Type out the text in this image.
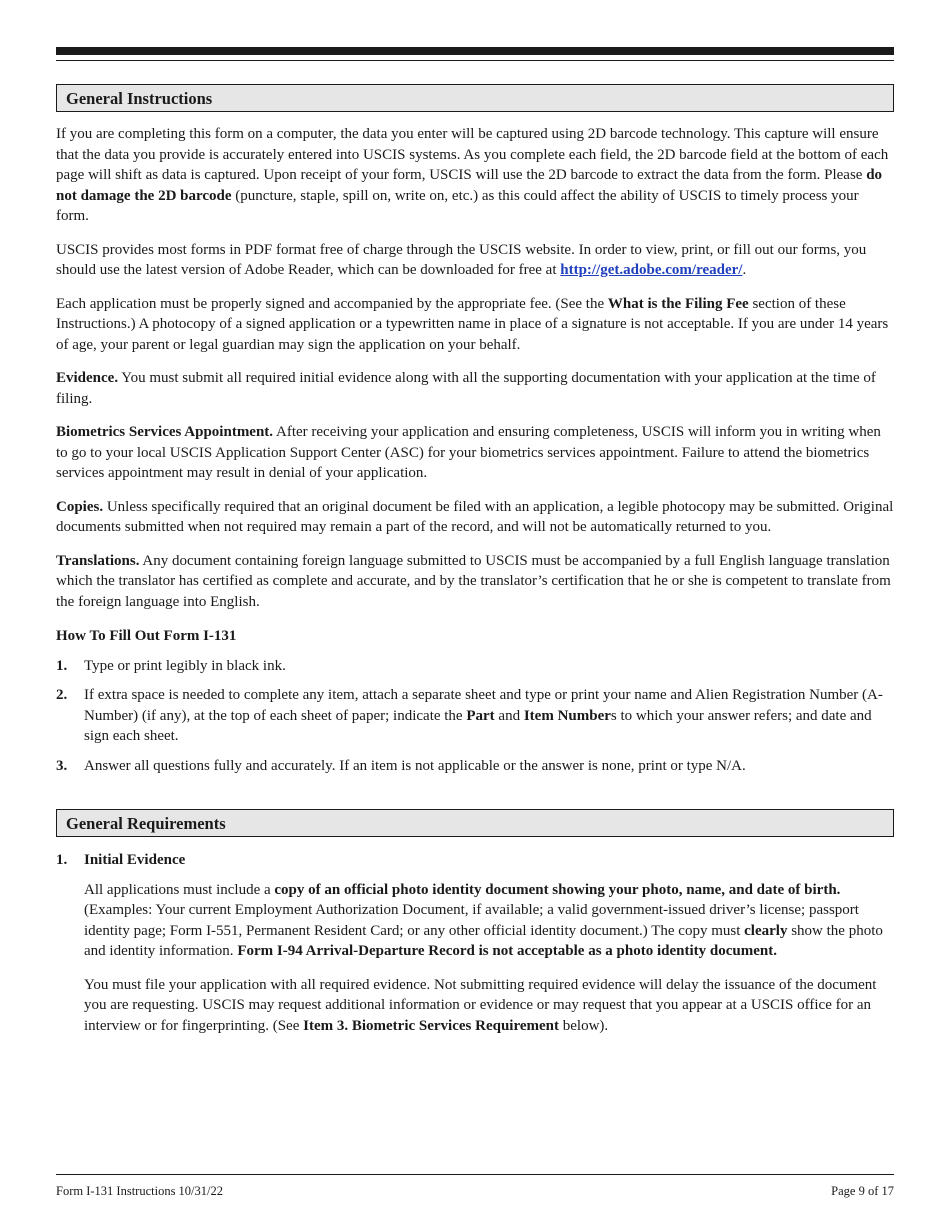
General Instructions

If you are completing this form on a computer, the data you enter will be captured using 2D barcode technology. This capture will ensure that the data you provide is accurately entered into USCIS systems. As you complete each field, the 2D barcode field at the bottom of each page will shift as data is captured. Upon receipt of your form, USCIS will use the 2D barcode to extract the data from the form. Please do not damage the 2D barcode (puncture, staple, spill on, write on, etc.) as this could affect the ability of USCIS to timely process your form.

USCIS provides most forms in PDF format free of charge through the USCIS website. In order to view, print, or fill out our forms, you should use the latest version of Adobe Reader, which can be downloaded for free at http://get.adobe.com/reader/.

Each application must be properly signed and accompanied by the appropriate fee. (See the What is the Filing Fee section of these Instructions.) A photocopy of a signed application or a typewritten name in place of a signature is not acceptable. If you are under 14 years of age, your parent or legal guardian may sign the application on your behalf.

Evidence. You must submit all required initial evidence along with all the supporting documentation with your application at the time of filing.

Biometrics Services Appointment. After receiving your application and ensuring completeness, USCIS will inform you in writing when to go to your local USCIS Application Support Center (ASC) for your biometrics services appointment. Failure to attend the biometrics services appointment may result in denial of your application.

Copies. Unless specifically required that an original document be filed with an application, a legible photocopy may be submitted. Original documents submitted when not required may remain a part of the record, and will not be automatically returned to you.

Translations. Any document containing foreign language submitted to USCIS must be accompanied by a full English language translation which the translator has certified as complete and accurate, and by the translator’s certification that he or she is competent to translate from the foreign language into English.

How To Fill Out Form I-131

1.	Type or print legibly in black ink.
2.	If extra space is needed to complete any item, attach a separate sheet and type or print your name and Alien Registration Number (A-Number) (if any), at the top of each sheet of paper; indicate the Part and Item Numbers to which your answer refers; and date and sign each sheet.
3.	Answer all questions fully and accurately. If an item is not applicable or the answer is none, print or type N/A.
General Requirements
1.	Initial Evidence

All applications must include a copy of an official photo identity document showing your photo, name, and date of birth. (Examples: Your current Employment Authorization Document, if available; a valid government-issued driver’s license; passport identity page; Form I-551, Permanent Resident Card; or any other official identity document.) The copy must clearly show the photo and identity information. Form I-94 Arrival-Departure Record is not acceptable as a photo identity document.

You must file your application with all required evidence. Not submitting required evidence will delay the issuance of the document you are requesting. USCIS may request additional information or evidence or may request that you appear at a USCIS office for an interview or for fingerprinting. (See Item 3. Biometric Services Requirement below).

Form I-131 Instructions 10/31/22	Page 9 of 17
